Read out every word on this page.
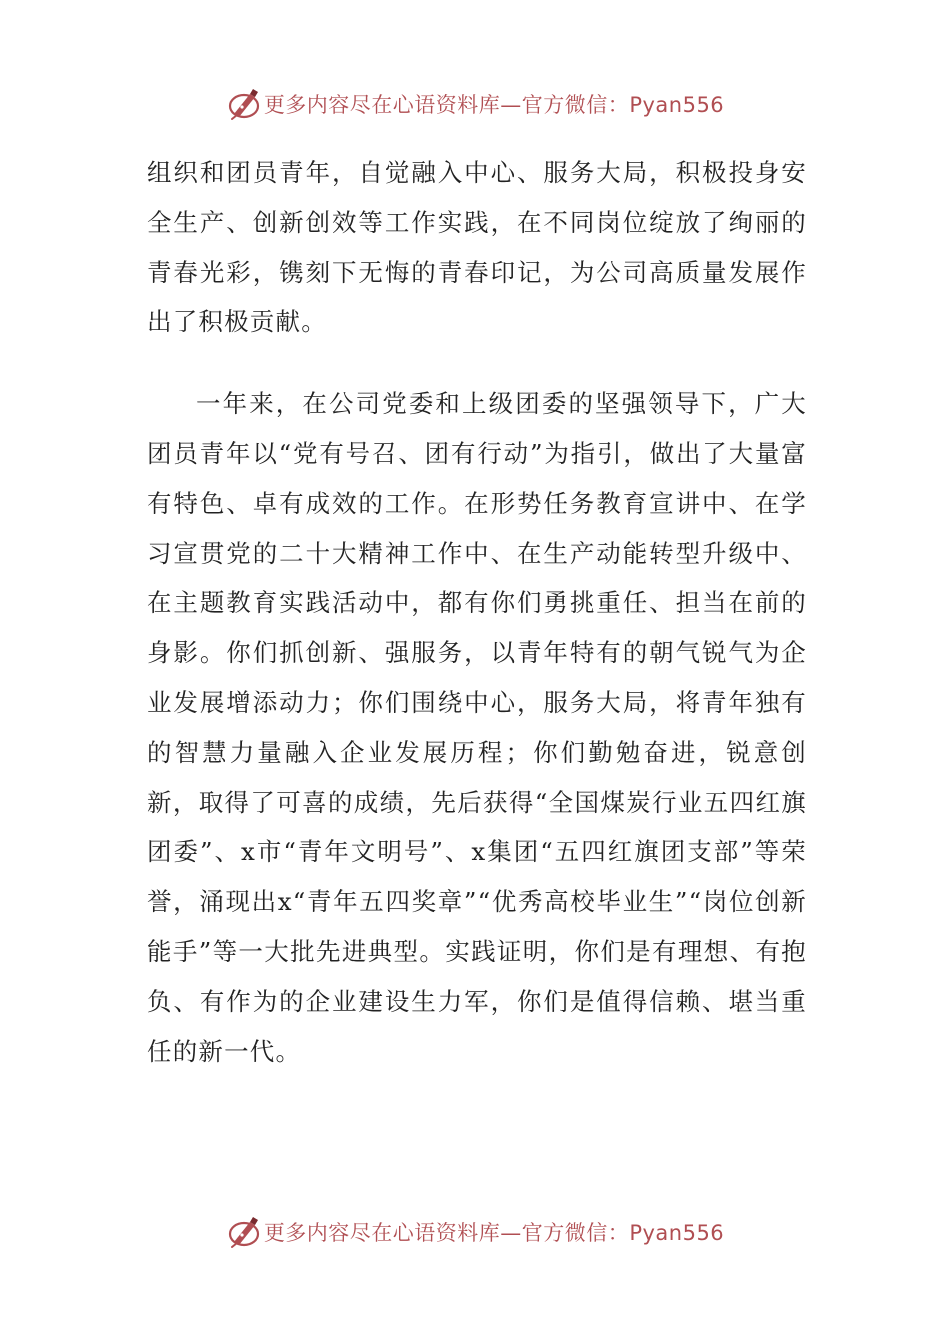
更多内容尽在心语资料库—官方微信：Pyan556

组织和团员青年，自觉融入中心、服务大局，积极投身安全生产、创新创效等工作实践，在不同岗位绽放了绚丽的青春光彩，镌刻下无悔的青春印记，为公司高质量发展作出了积极贡献。

一年来，在公司党委和上级团委的坚强领导下，广大团员青年以“党有号召、团有行动”为指引，做出了大量富有特色、卓有成效的工作。在形势任务教育宣讲中、在学习宣贯党的二十大精神工作中、在生产动能转型升级中、在主题教育实践活动中，都有你们勇挑重任、担当在前的身影。你们抓创新、强服务，以青年特有的朝气锐气为企业发展增添动力；你们围绕中心，服务大局，将青年独有的智慧力量融入企业发展历程；你们勤勉奋进，锐意创新，取得了可喜的成绩，先后获得“全国煤炭行业五四红旗团委”、x市“青年文明号”、x集团“五四红旗团支部”等荣誉，涌现出x“青年五四奖章”“优秀高校毕业生”“岗位创新能手”等一大批先进典型。实践证明，你们是有理想、有抱负、有作为的企业建设生力军，你们是值得信赖、堪当重任的新一代。

更多内容尽在心语资料库—官方微信：Pyan556
